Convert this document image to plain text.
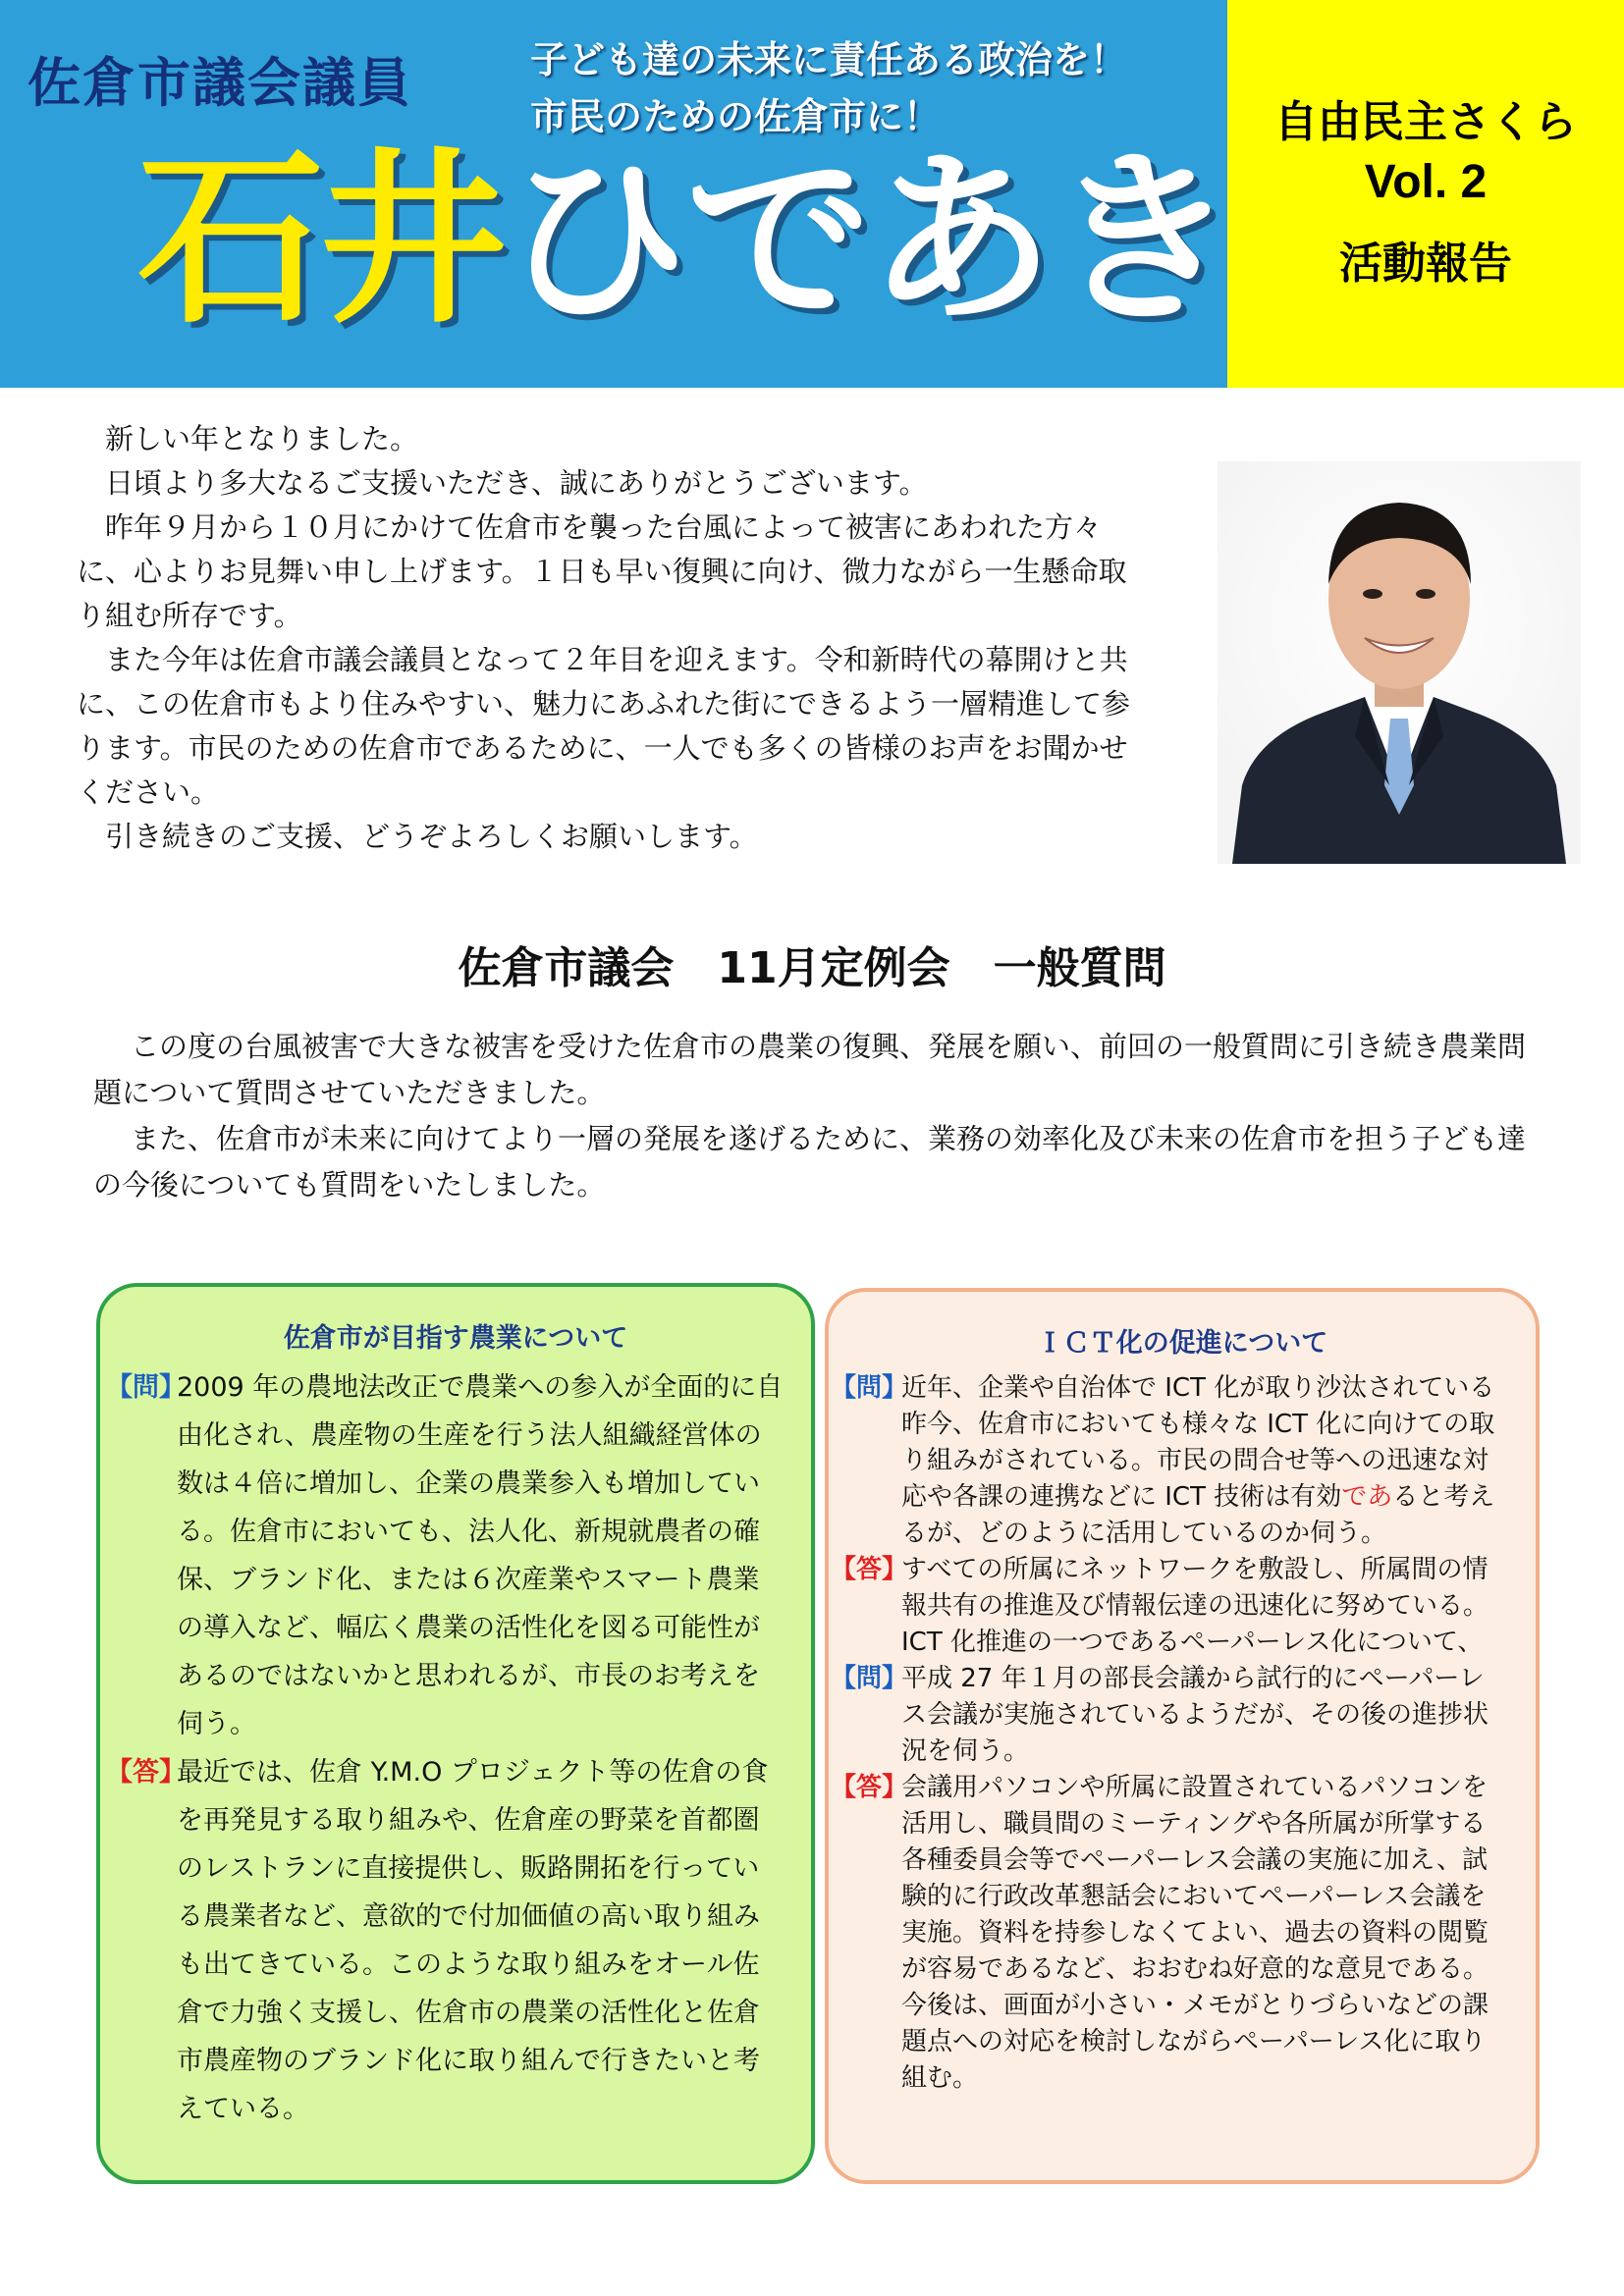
佐倉市議会議員	子ども達の未来に責任ある政治を！
市民のための佐倉市に！
石井ひであき
自由民主さくら
Vol. 2
活動報告

新しい年となりました。

日頃より多大なるご支援いただき、誠にありがとうございます。

昨年９月から１０月にかけて佐倉市を襲った台風によって被害にあわれた方々に、心よりお見舞い申し上げます。１日も早い復興に向け、微力ながら一生懸命取り組む所存です。

また今年は佐倉市議会議員となって２年目を迎えます。令和新時代の幕開けと共に、この佐倉市もより住みやすい、魅力にあふれた街にできるよう一層精進して参ります。市民のための佐倉市であるために、一人でも多くの皆様のお声をお聞かせください。

引き続きのご支援、どうぞよろしくお願いします。

佐倉市議会　11月定例会　一般質問

この度の台風被害で大きな被害を受けた佐倉市の農業の復興、発展を願い、前回の一般質問に引き続き農業問題について質問させていただきました。

また、佐倉市が未来に向けてより一層の発展を遂げるために、業務の効率化及び未来の佐倉市を担う子ども達の今後についても質問をいたしました。

佐倉市が目指す農業について
【問】
2009 年の農地法改正で農業への参入が全面的に自由化され、農産物の生産を行う法人組織経営体の数は４倍に増加し、企業の農業参入も増加している。佐倉市においても、法人化、新規就農者の確保、ブランド化、または６次産業やスマート農業の導入など、幅広く農業の活性化を図る可能性があるのではないかと思われるが、市長のお考えを伺う。
【答】
最近では、佐倉 Y.M.O プロジェクト等の佐倉の食を再発見する取り組みや、佐倉産の野菜を首都圏のレストランに直接提供し、販路開拓を行っている農業者など、意欲的で付加価値の高い取り組みも出てきている。このような取り組みをオール佐倉で力強く支援し、佐倉市の農業の活性化と佐倉市農産物のブランド化に取り組んで行きたいと考えている。
ＩＣＴ化の促進について
【問】
近年、企業や自治体で ICT 化が取り沙汰されている昨今、佐倉市においても様々な ICT 化に向けての取り組みがされている。市民の問合せ等への迅速な対応や各課の連携などに ICT 技術は有効であると考えるが、どのように活用しているのか伺う。
【答】
すべての所属にネットワークを敷設し、所属間の情報共有の推進及び情報伝達の迅速化に努めている。
ICT 化推進の一つであるペーパーレス化について、
【問】
平成 27 年１月の部長会議から試行的にペーパーレス会議が実施されているようだが、その後の進捗状況を伺う。
【答】
会議用パソコンや所属に設置されているパソコンを活用し、職員間のミーティングや各所属が所掌する各種委員会等でペーパーレス会議の実施に加え、試験的に行政改革懇話会においてペーパーレス会議を実施。資料を持参しなくてよい、過去の資料の閲覧が容易であるなど、おおむね好意的な意見である。今後は、画面が小さい・メモがとりづらいなどの課題点への対応を検討しながらペーパーレス化に取り組む。
